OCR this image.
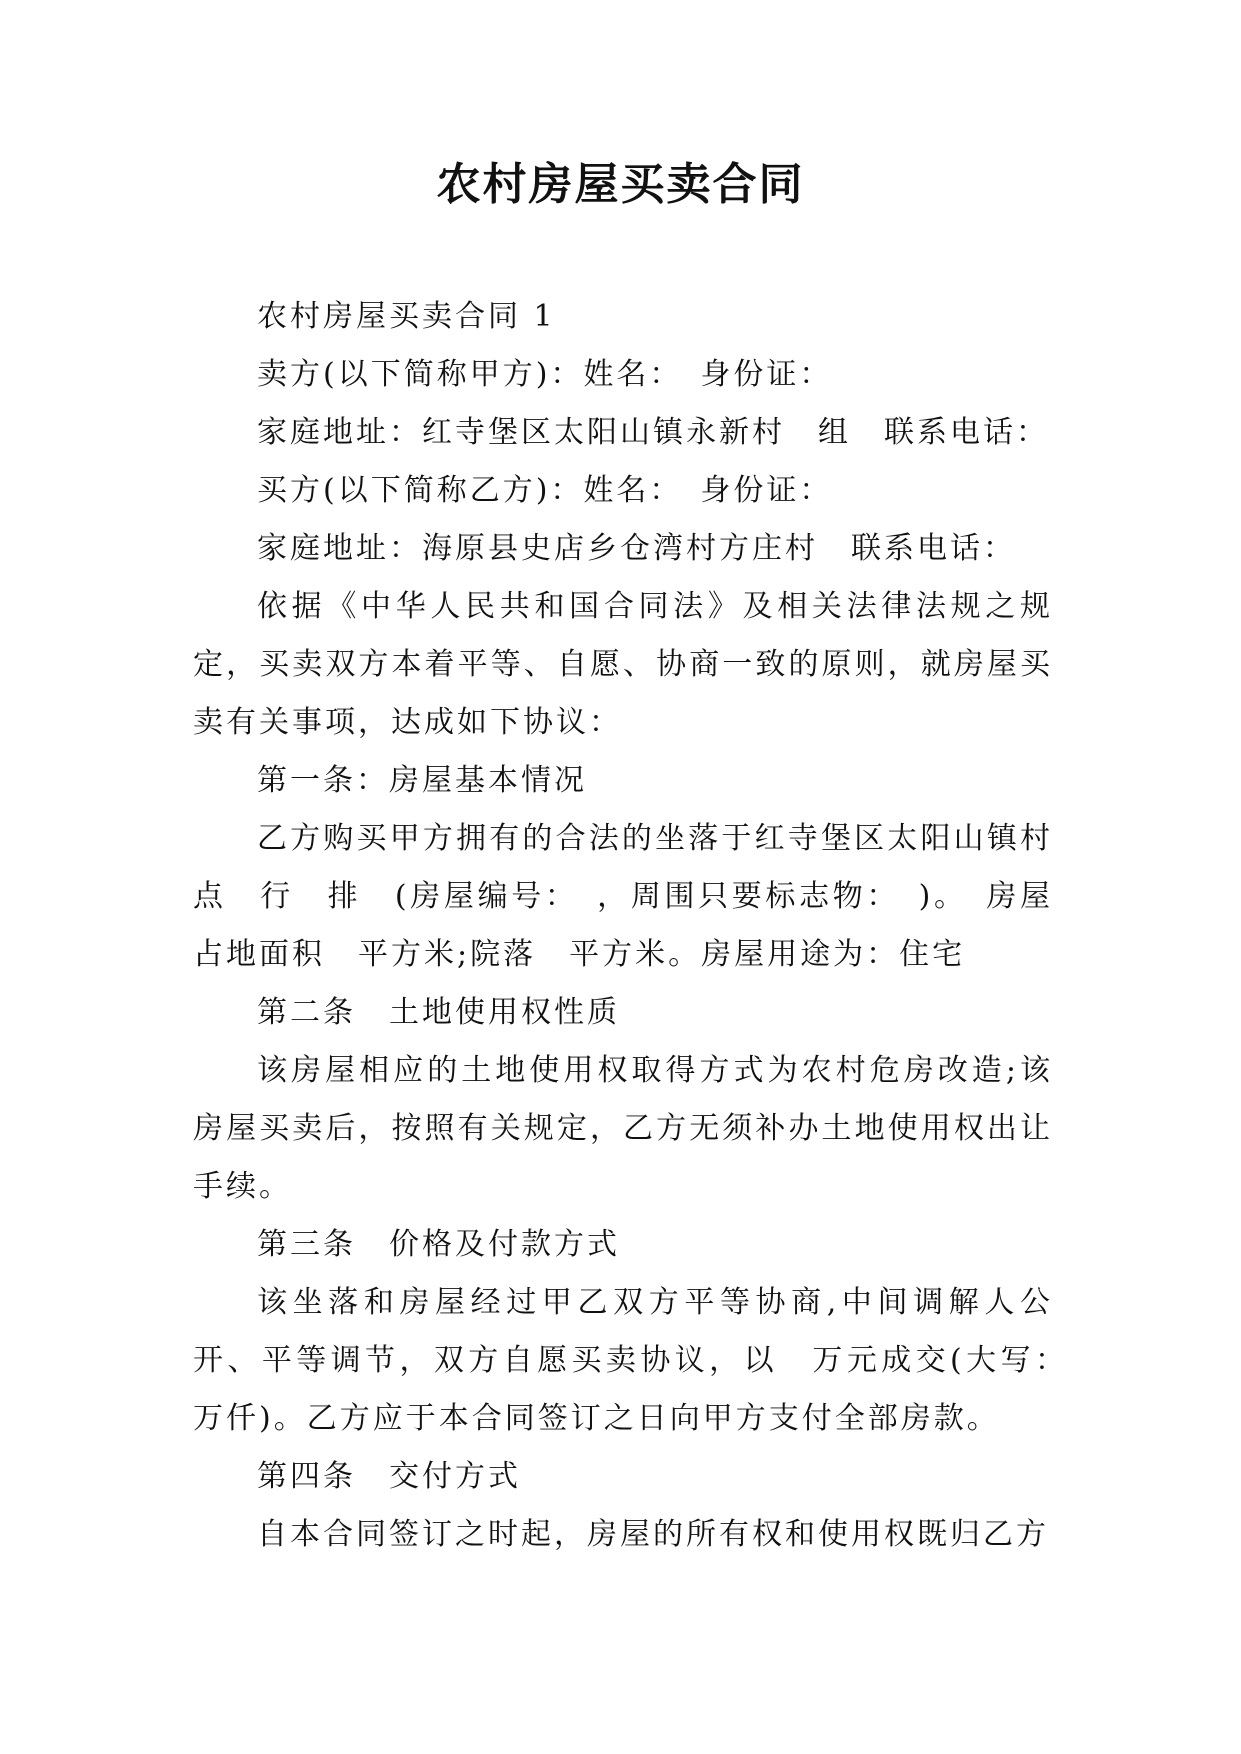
农村房屋买卖合同

农村房屋买卖合同 1

卖方(以下简称甲方)：姓名：　身份证：

家庭地址：红寺堡区太阳山镇永新村　组　联系电话：

买方(以下简称乙方)：姓名：　身份证：

家庭地址：海原县史店乡仓湾村方庄村　联系电话：

依据《中华人民共和国合同法》及相关法律法规之规定，买卖双方本着平等、自愿、协商一致的原则，就房屋买卖有关事项，达成如下协议：

第一条：房屋基本情况

乙方购买甲方拥有的合法的坐落于红寺堡区太阳山镇村　点　行　排　(房屋编号：　，周围只要标志物：　)。　房屋占地面积　平方米;院落　平方米。房屋用途为：住宅

第二条　土地使用权性质

该房屋相应的土地使用权取得方式为农村危房改造;该房屋买卖后，按照有关规定，乙方无须补办土地使用权出让手续。

第三条　价格及付款方式

该坐落和房屋经过甲乙双方平等协商,中间调解人公开、平等调节，双方自愿买卖协议，以　万元成交(大写：　万仟)。乙方应于本合同签订之日向甲方支付全部房款。

第四条　交付方式

自本合同签订之时起，房屋的所有权和使用权既归乙方
